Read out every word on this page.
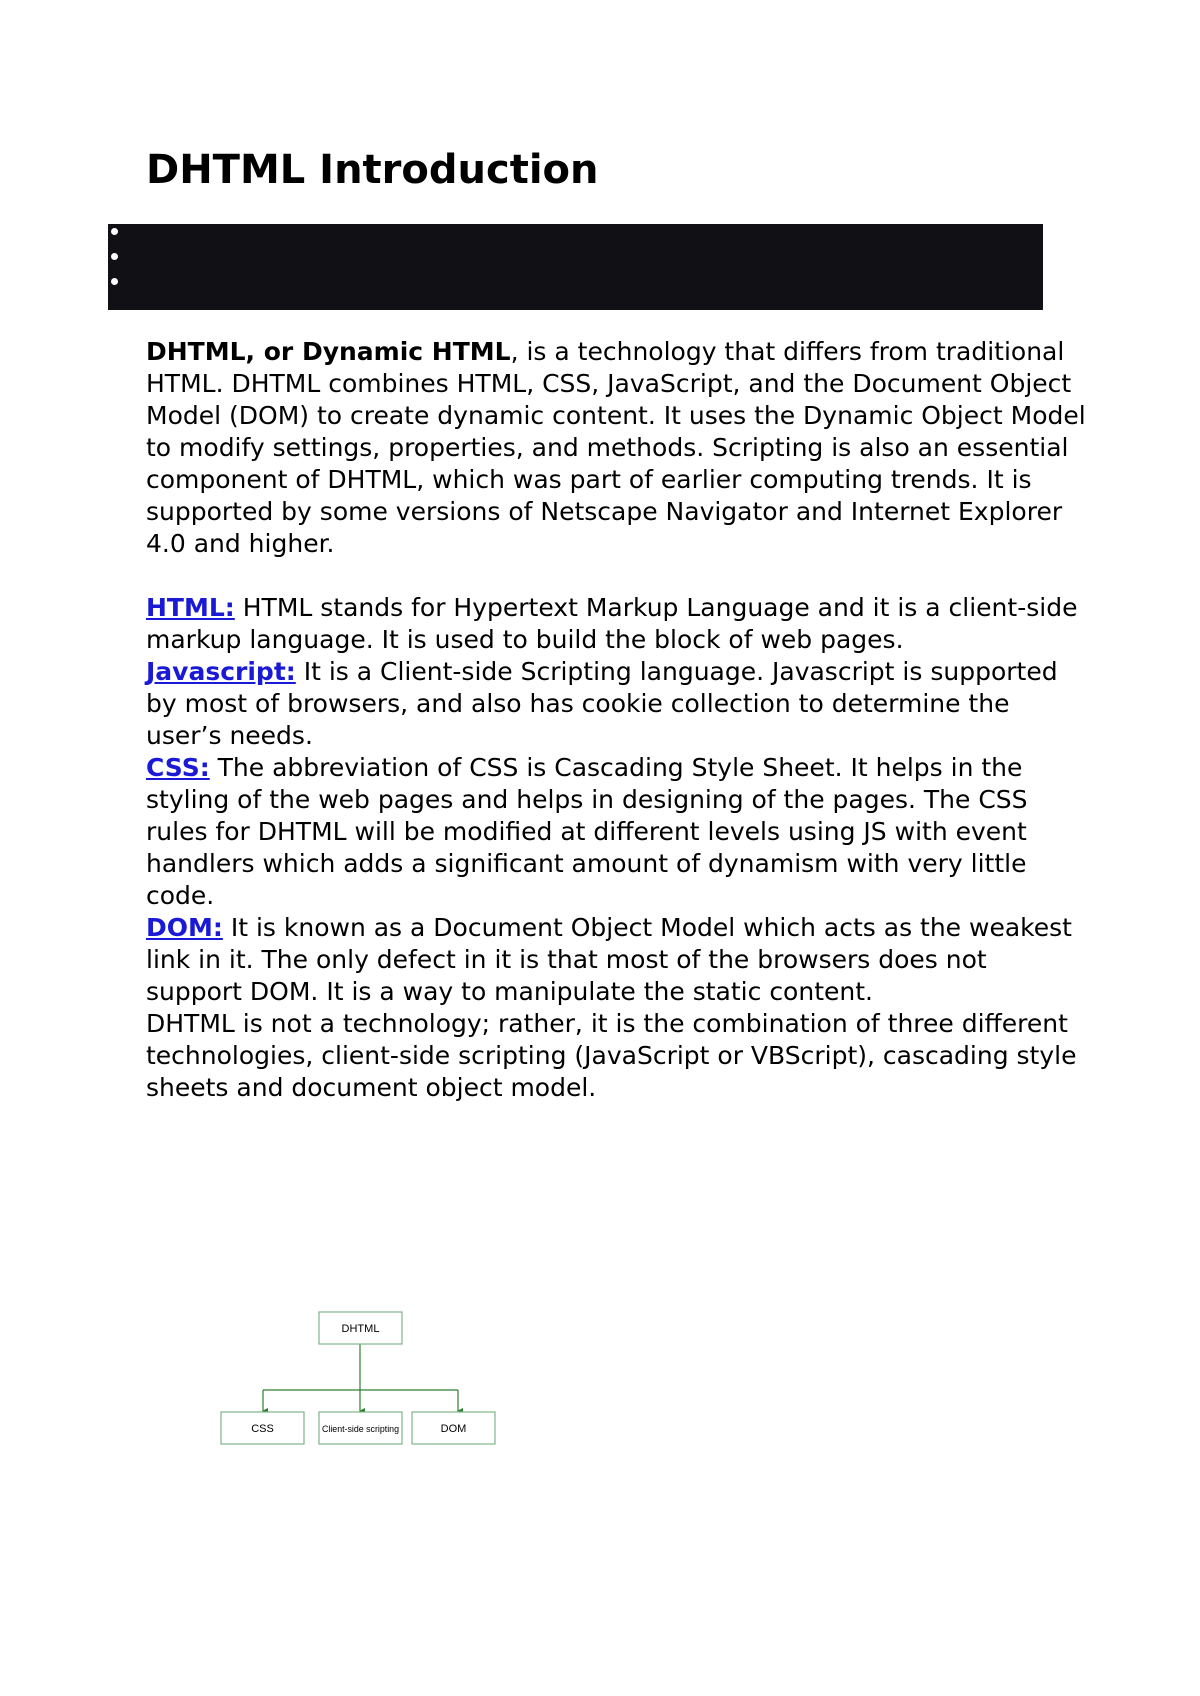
DHTML Introduction

DHTML, or Dynamic HTML, is a technology that differs from traditional HTML. DHTML combines HTML, CSS, JavaScript, and the Document Object Model (DOM) to create dynamic content. It uses the Dynamic Object Model to modify settings, properties, and methods. Scripting is also an essential component of DHTML, which was part of earlier computing trends. It is supported by some versions of Netscape Navigator and Internet Explorer 4.0 and higher.

HTML: HTML stands for Hypertext Markup Language and it is a client-side markup language. It is used to build the block of web pages.

Javascript: It is a Client-side Scripting language. Javascript is supported by most of browsers, and also has cookie collection to determine the user’s needs.

CSS: The abbreviation of CSS is Cascading Style Sheet. It helps in the styling of the web pages and helps in designing of the pages. The CSS rules for DHTML will be modified at different levels using JS with event handlers which adds a significant amount of dynamism with very little code.

DOM: It is known as a Document Object Model which acts as the weakest link in it. The only defect in it is that most of the browsers does not support DOM. It is a way to manipulate the static content.

DHTML is not a technology; rather, it is the combination of three different technologies, client-side scripting (JavaScript or VBScript), cascading style sheets and document object model.

DHTML
CSS	Client-side scripting	DOM
